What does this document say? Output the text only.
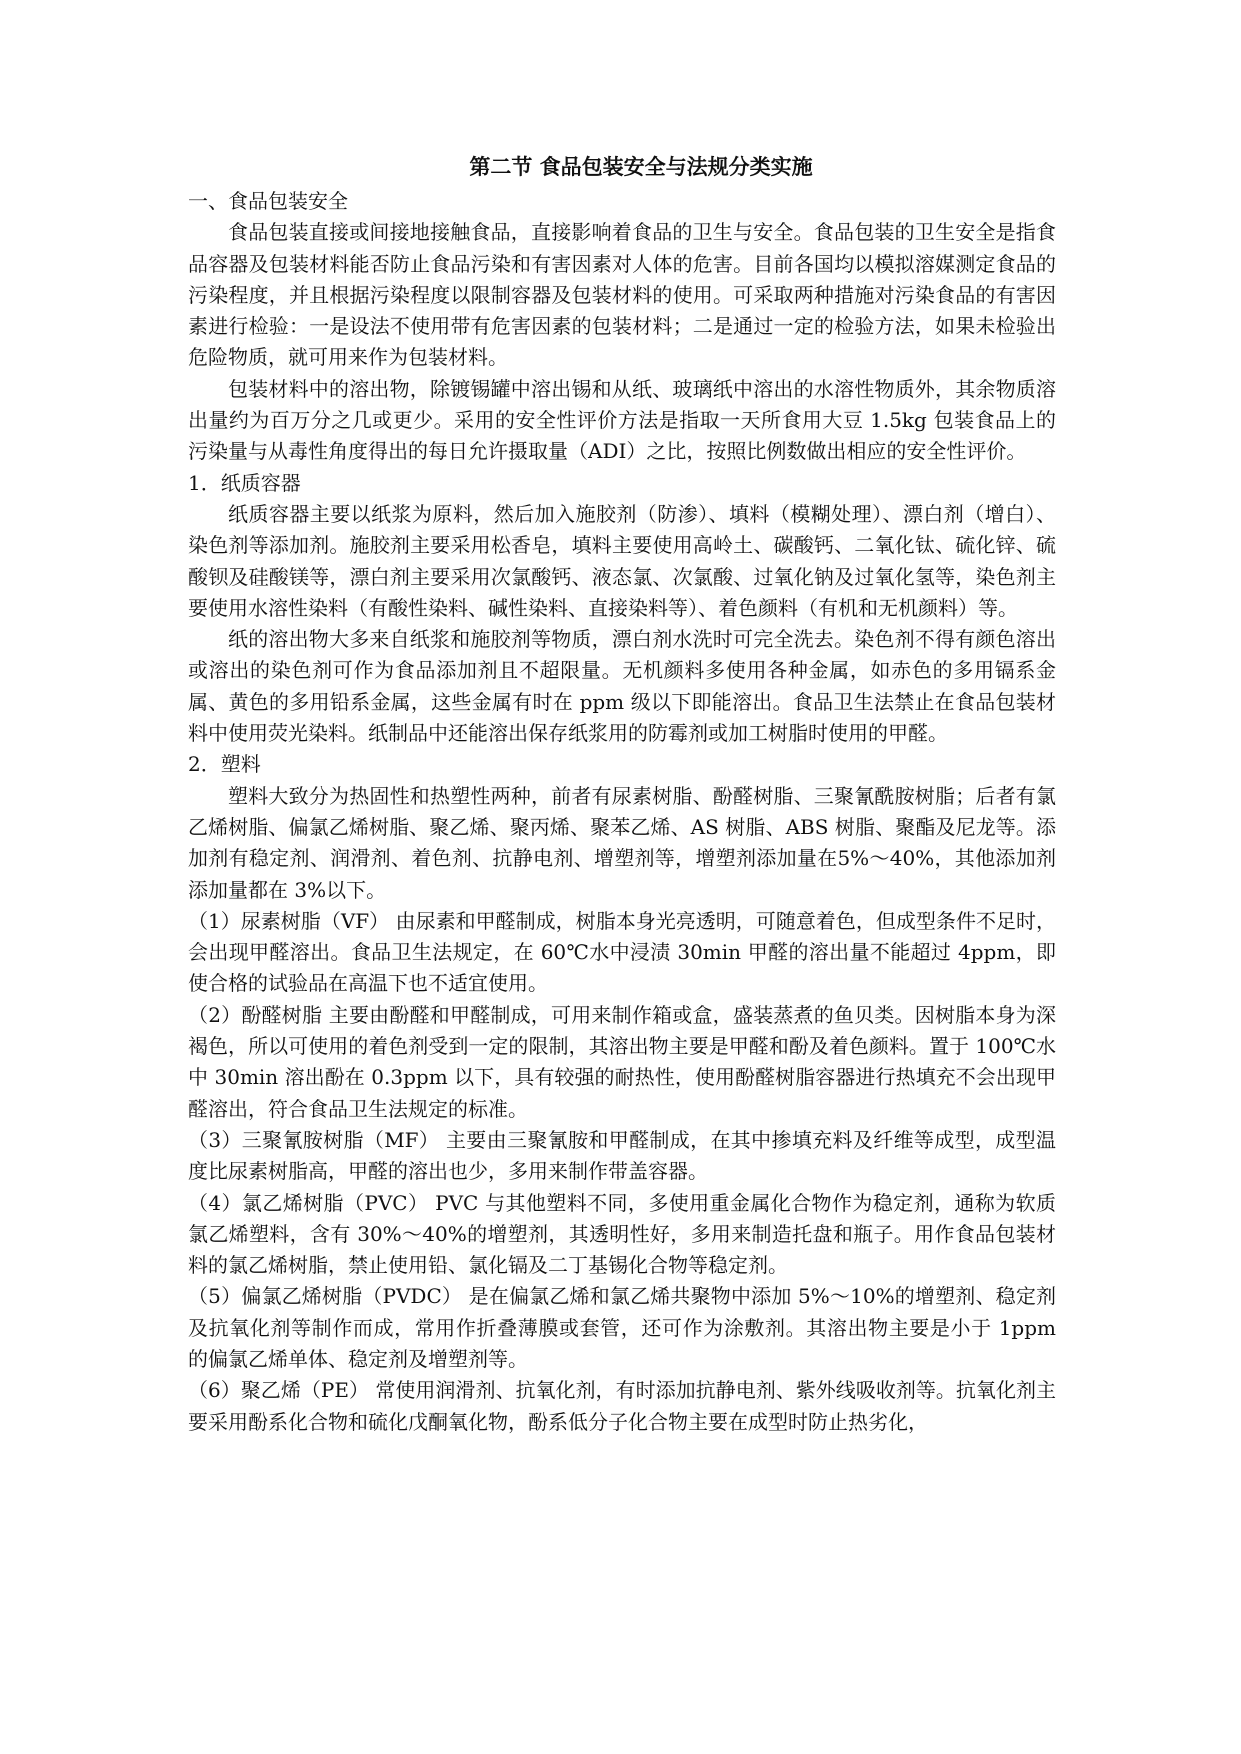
第二节 食品包装安全与法规分类实施

一、食品包装安全

食品包装直接或间接地接触食品，直接影响着食品的卫生与安全。食品包装的卫生安全是指食品容器及包装材料能否防止食品污染和有害因素对人体的危害。目前各国均以模拟溶媒测定食品的污染程度，并且根据污染程度以限制容器及包装材料的使用。可采取两种措施对污染食品的有害因素进行检验：一是设法不使用带有危害因素的包装材料；二是通过一定的检验方法，如果未检验出危险物质，就可用来作为包装材料。

包装材料中的溶出物，除镀锡罐中溶出锡和从纸、玻璃纸中溶出的水溶性物质外，其余物质溶出量约为百万分之几或更少。采用的安全性评价方法是指取一天所食用大豆 1.5kg 包装食品上的污染量与从毒性角度得出的每日允许摄取量（ADI）之比，按照比例数做出相应的安全性评价。

1．纸质容器

纸质容器主要以纸浆为原料，然后加入施胶剂（防渗）、填料（模糊处理）、漂白剂（增白）、染色剂等添加剂。施胶剂主要采用松香皂，填料主要使用高岭土、碳酸钙、二氧化钛、硫化锌、硫酸钡及硅酸镁等，漂白剂主要采用次氯酸钙、液态氯、次氯酸、过氧化钠及过氧化氢等，染色剂主要使用水溶性染料（有酸性染料、碱性染料、直接染料等）、着色颜料（有机和无机颜料）等。

纸的溶出物大多来自纸浆和施胶剂等物质，漂白剂水洗时可完全洗去。染色剂不得有颜色溶出或溶出的染色剂可作为食品添加剂且不超限量。无机颜料多使用各种金属，如赤色的多用镉系金属、黄色的多用铅系金属，这些金属有时在 ppm 级以下即能溶出。食品卫生法禁止在食品包装材料中使用荧光染料。纸制品中还能溶出保存纸浆用的防霉剂或加工树脂时使用的甲醛。

2．塑料

塑料大致分为热固性和热塑性两种，前者有尿素树脂、酚醛树脂、三聚氰酰胺树脂；后者有氯乙烯树脂、偏氯乙烯树脂、聚乙烯、聚丙烯、聚苯乙烯、AS 树脂、ABS 树脂、聚酯及尼龙等。添加剂有稳定剂、润滑剂、着色剂、抗静电剂、增塑剂等，增塑剂添加量在5%～40%，其他添加剂添加量都在 3%以下。

（1）尿素树脂（VF） 由尿素和甲醛制成，树脂本身光亮透明，可随意着色，但成型条件不足时，会出现甲醛溶出。食品卫生法规定，在 60℃水中浸渍 30min 甲醛的溶出量不能超过 4ppm，即使合格的试验品在高温下也不适宜使用。

（2）酚醛树脂 主要由酚醛和甲醛制成，可用来制作箱或盒，盛装蒸煮的鱼贝类。因树脂本身为深褐色，所以可使用的着色剂受到一定的限制，其溶出物主要是甲醛和酚及着色颜料。置于 100℃水中 30min 溶出酚在 0.3ppm 以下，具有较强的耐热性，使用酚醛树脂容器进行热填充不会出现甲醛溶出，符合食品卫生法规定的标准。

（3）三聚氰胺树脂（MF） 主要由三聚氰胺和甲醛制成，在其中掺填充料及纤维等成型，成型温度比尿素树脂高，甲醛的溶出也少，多用来制作带盖容器。

（4）氯乙烯树脂（PVC） PVC 与其他塑料不同，多使用重金属化合物作为稳定剂，通称为软质氯乙烯塑料，含有 30%～40%的增塑剂，其透明性好，多用来制造托盘和瓶子。用作食品包装材料的氯乙烯树脂，禁止使用铅、氯化镉及二丁基锡化合物等稳定剂。

（5）偏氯乙烯树脂（PVDC） 是在偏氯乙烯和氯乙烯共聚物中添加 5%～10%的增塑剂、稳定剂及抗氧化剂等制作而成，常用作折叠薄膜或套管，还可作为涂敷剂。其溶出物主要是小于 1ppm 的偏氯乙烯单体、稳定剂及增塑剂等。

（6）聚乙烯（PE） 常使用润滑剂、抗氧化剂，有时添加抗静电剂、紫外线吸收剂等。抗氧化剂主要采用酚系化合物和硫化戊酮氧化物，酚系低分子化合物主要在成型时防止热劣化，
